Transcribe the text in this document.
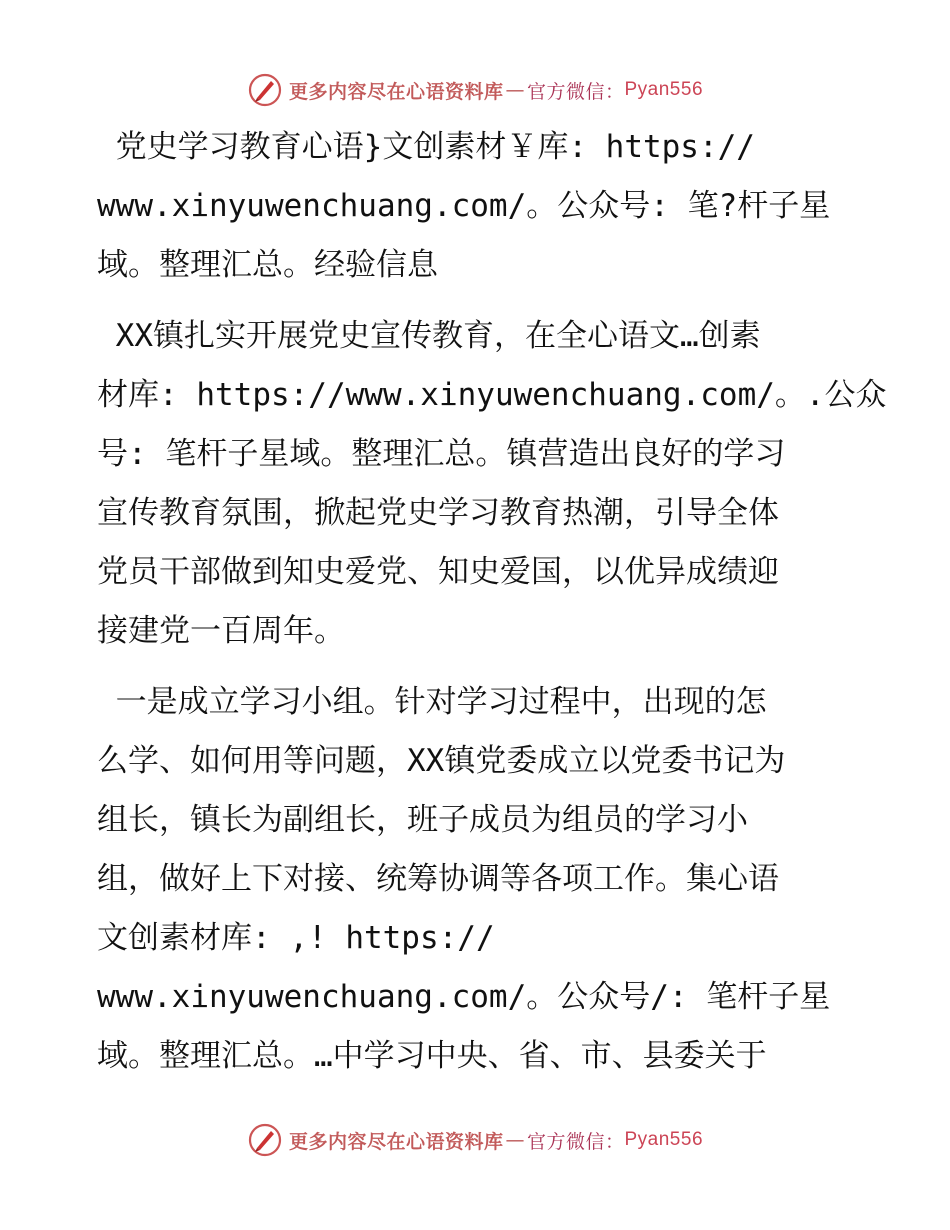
更多内容尽在心语资料库 — 官方微信： Pyan556
党史学习教育心语}文创素材￥库: https://
www.xinyuwenchuang.com/。公众号: 笔?杆子星
域。整理汇总。经验信息
XX镇扎实开展党史宣传教育，在全心语文…创素
材库: https://www.xinyuwenchuang.com/。.公众
号: 笔杆子星域。整理汇总。镇营造出良好的学习
宣传教育氛围，掀起党史学习教育热潮，引导全体
党员干部做到知史爱党、知史爱国，以优异成绩迎
接建党一百周年。
一是成立学习小组。针对学习过程中，出现的怎
么学、如何用等问题，XX镇党委成立以党委书记为
组长，镇长为副组长，班子成员为组员的学习小
组，做好上下对接、统筹协调等各项工作。集心语
文创素材库: ,! https://
www.xinyuwenchuang.com/。公众号/: 笔杆子星
域。整理汇总。…中学习中央、省、市、县委关于
更多内容尽在心语资料库 — 官方微信： Pyan556
